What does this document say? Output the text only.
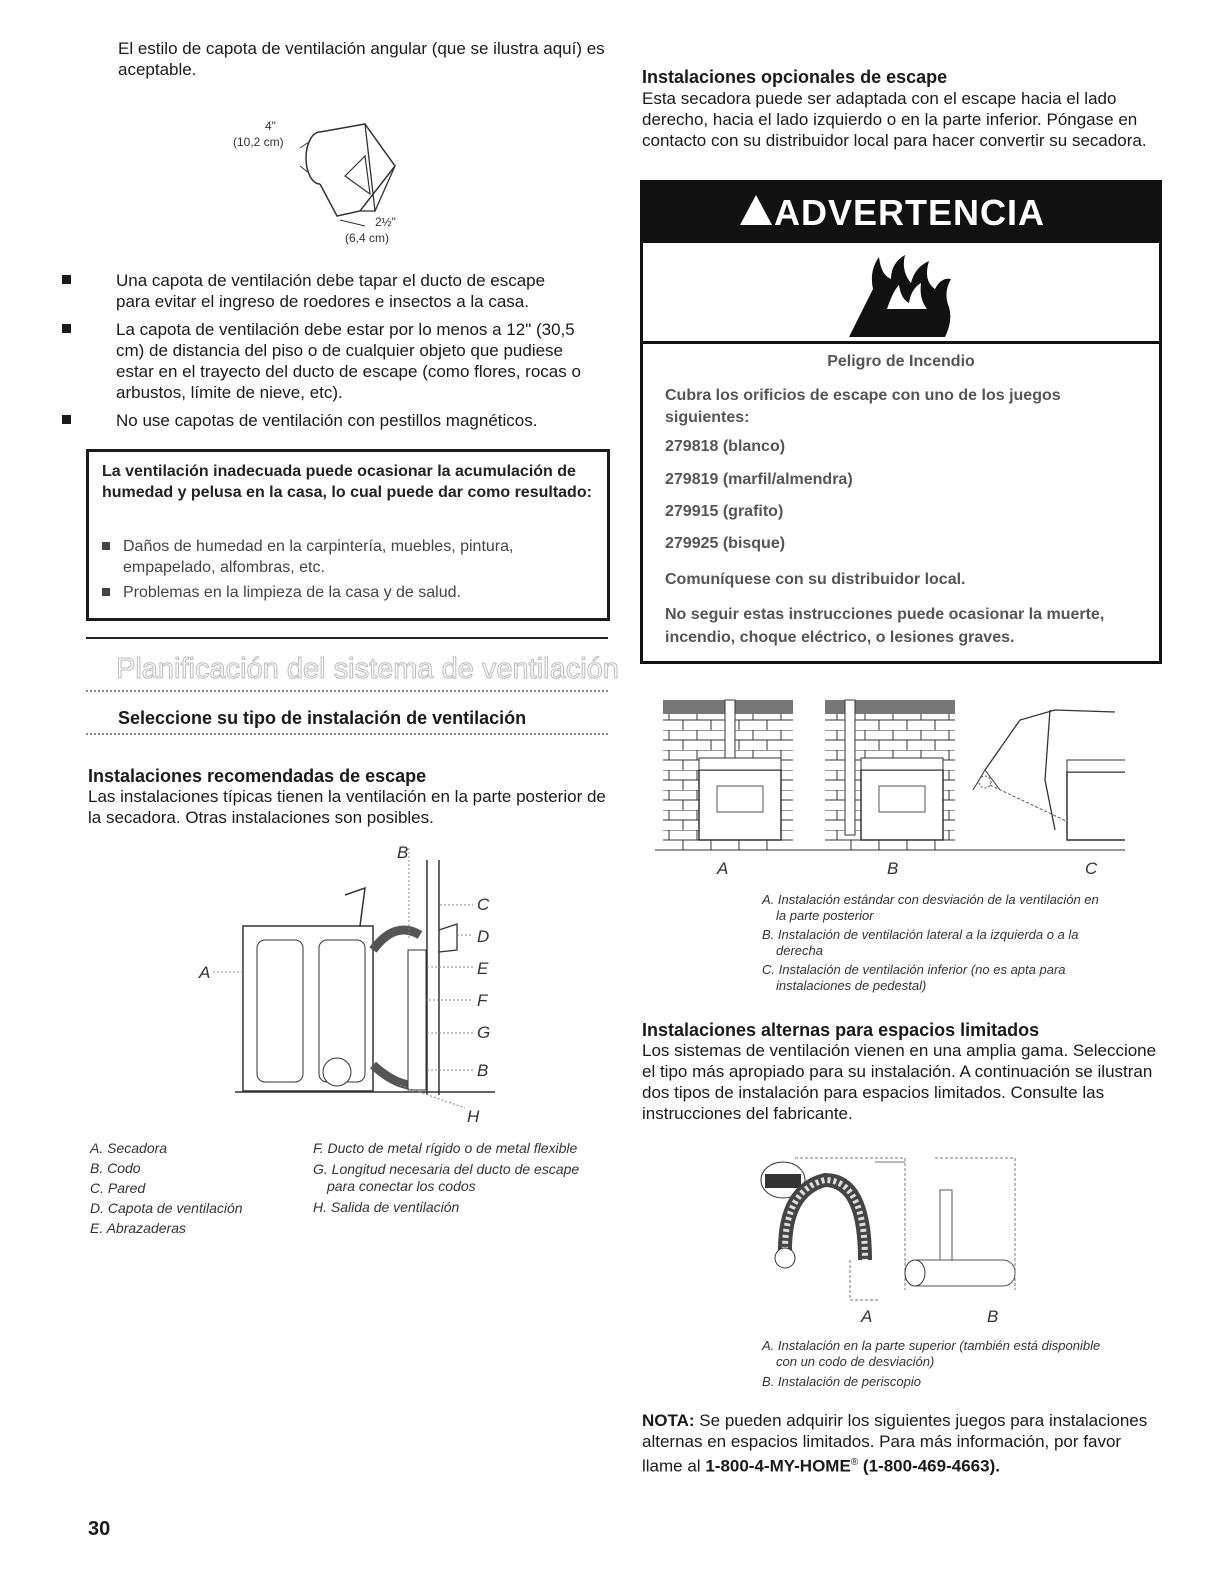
El estilo de capota de ventilación angular (que se ilustra aquí) es aceptable.
4"
(10,2 cm)
2½"
(6,4 cm)
Una capota de ventilación debe tapar el ducto de escape para evitar el ingreso de roedores e insectos a la casa.
La capota de ventilación debe estar por lo menos a 12" (30,5 cm) de distancia del piso o de cualquier objeto que pudiese estar en el trayecto del ducto de escape (como flores, rocas o arbustos, límite de nieve, etc).
No use capotas de ventilación con pestillos magnéticos.
La ventilación inadecuada puede ocasionar la acumulación de humedad y pelusa en la casa, lo cual puede dar como resultado:
Daños de humedad en la carpintería, muebles, pintura, empapelado, alfombras, etc.
Problemas en la limpieza de la casa y de salud.
Planificación del sistema de ventilación
Seleccione su tipo de instalación de ventilación
Instalaciones recomendadas de escape
Las instalaciones típicas tienen la ventilación en la parte posterior de la secadora. Otras instalaciones son posibles.
B
A
C
D
E
F
G
B
H
A. Secadora
B. Codo
C. Pared
D. Capota de ventilación
E. Abrazaderas
F. Ducto de metal rígido o de metal flexible
G. Longitud necesaria del ducto de escape para conectar los codos
H. Salida de ventilación
30
Instalaciones opcionales de escape
Esta secadora puede ser adaptada con el escape hacia el lado derecho, hacia el lado izquierdo o en la parte inferior. Póngase en contacto con su distribuidor local para hacer convertir su secadora.
ADVERTENCIA
Peligro de Incendio
Cubra los orificios de escape con uno de los juegos siguientes:
279818 (blanco)
279819 (marfil/almendra)
279915 (grafito)
279925 (bisque)
Comuníquese con su distribuidor local.
No seguir estas instrucciones puede ocasionar la muerte, incendio, choque eléctrico, o lesiones graves.
A	B	C
A. Instalación estándar con desviación de la ventilación en la parte posterior
B. Instalación de ventilación lateral a la izquierda o a la derecha
C. Instalación de ventilación inferior (no es apta para instalaciones de pedestal)
Instalaciones alternas para espacios limitados
Los sistemas de ventilación vienen en una amplia gama. Seleccione el tipo más apropiado para su instalación. A continuación se ilustran dos tipos de instalación para espacios limitados. Consulte las instrucciones del fabricante.
A	B
A. Instalación en la parte superior (también está disponible con un codo de desviación)
B. Instalación de periscopio
NOTA: Se pueden adquirir los siguientes juegos para instalaciones alternas en espacios limitados. Para más información, por favor llame al 1-800-4-MY-HOME® (1-800-469-4663).
